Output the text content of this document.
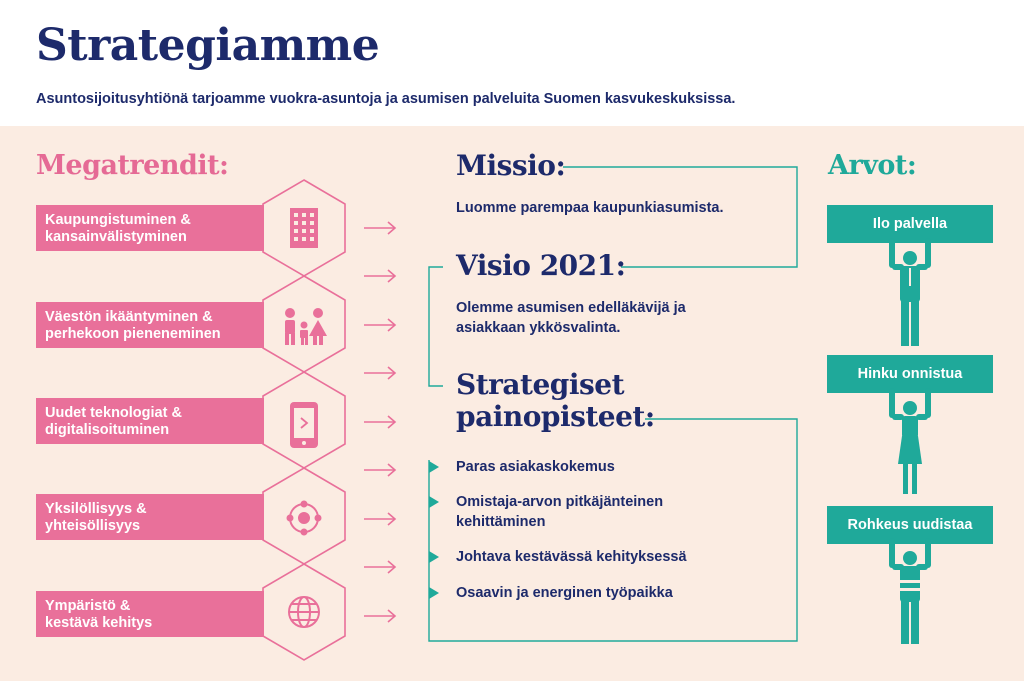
Strategiamme
Asuntosijoitusyhtiönä tarjoamme vuokra-asuntoja ja asumisen palveluita Suomen kasvukeskuksissa.
Megatrendit:
Kaupungistuminen &
kansainvälistyminen
Väestön ikääntyminen &
perhekoon pieneneminen
Uudet teknologiat &
digitalisoituminen
Yksilöllisyys &
yhteisöllisyys
Ympäristö &
kestävä kehitys
Missio:
Luomme parempaa kaupunkiasumista.
Visio 2021:
Olemme asumisen edelläkävijä ja
asiakkaan ykkösvalinta.
Strategiset
painopisteet:
Paras asiakaskokemus
Omistaja-arvon pitkäjänteinen
kehittäminen
Johtava kestävässä kehityksessä
Osaavin ja energinen työpaikka
Arvot:
Ilo palvella
Hinku onnistua
Rohkeus uudistaa
